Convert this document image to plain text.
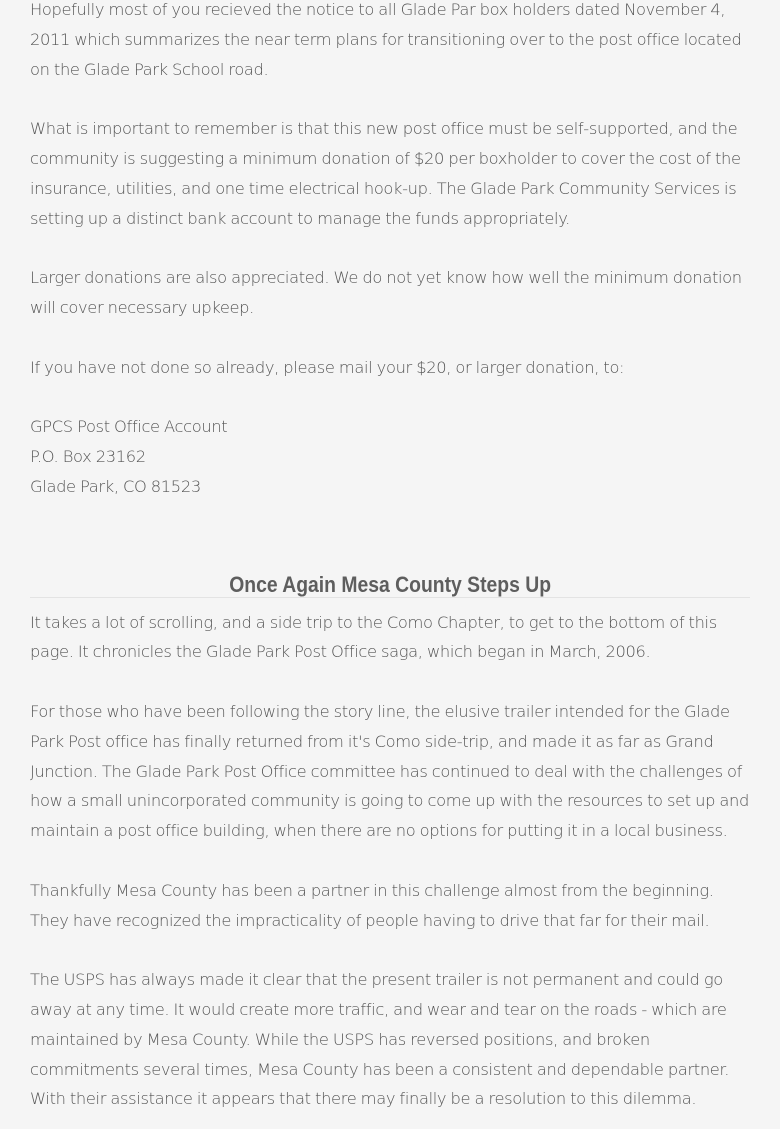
Hopefully most of you recieved the notice to all Glade Par box holders dated November 4, 2011 which summarizes the near term plans for transitioning over to the post office located on the Glade Park School road.

What is important to remember is that this new post office must be self-supported, and the community is suggesting a minimum donation of $20 per boxholder to cover the cost of the insurance, utilities, and one time electrical hook-up. The Glade Park Community Services is setting up a distinct bank account to manage the funds appropriately.

Larger donations are also appreciated. We do not yet know how well the minimum donation will cover necessary upkeep.

If you have not done so already, please mail your $20, or larger donation, to:

GPCS Post Office Account

P.O. Box 23162

Glade Park, CO 81523

Once Again Mesa County Steps Up

It takes a lot of scrolling, and a side trip to the Como Chapter, to get to the bottom of this page. It chronicles the Glade Park Post Office saga, which began in March, 2006.

For those who have been following the story line, the elusive trailer intended for the Glade Park Post office has finally returned from it's Como side-trip, and made it as far as Grand Junction. The Glade Park Post Office committee has continued to deal with the challenges of how a small unincorporated community is going to come up with the resources to set up and maintain a post office building, when there are no options for putting it in a local business.

Thankfully Mesa County has been a partner in this challenge almost from the beginning. They have recognized the impracticality of people having to drive that far for their mail.

The USPS has always made it clear that the present trailer is not permanent and could go away at any time. It would create more traffic, and wear and tear on the roads - which are maintained by Mesa County. While the USPS has reversed positions, and broken commitments several times, Mesa County has been a consistent and dependable partner. With their assistance it appears that there may finally be a resolution to this dilemma.
